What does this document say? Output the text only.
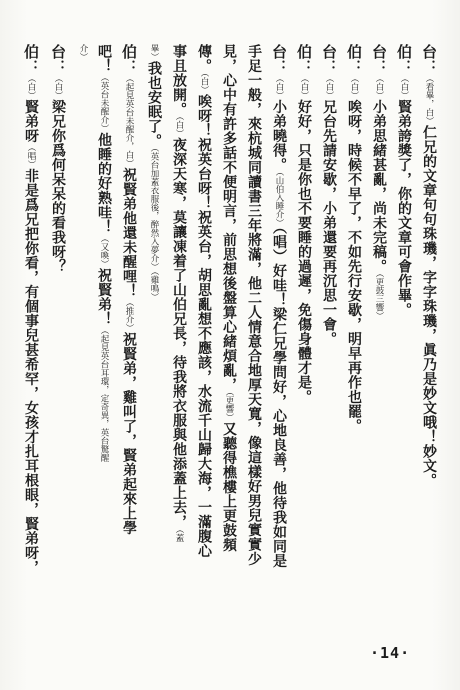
台：（看畢，白）仁兄的文章句句珠璣，字字珠璣，眞乃是妙文哦！妙文。
伯：（白）賢弟誇獎了，你的文章可會作畢。
台：（白）小弟思緒甚亂，尚未完稿。（更鼓三響）
伯：（白）唉呀，時候不早了，不如先行安歇，明早再作也罷。
台：（白）兄台先請安歇，小弟還要再沉思一會。
伯：（白）好好，只是你也不要睡的過遲，免傷身體才是。
台：（白）小弟曉得。（山伯入睡介）（唱）好哇！梁仁兄學問好，心地良善，他待我如同是
手足一般，來杭城同讀書三年將滿，他二人情意合地厚天寬，像這樣好男兒實實少
見，心中有許多話不便明言，前思想後盤算心緒煩亂，（更響）又聽得樵樓上更鼓頻
傳。（白）唉呀！祝英台呀！祝英台，胡思亂想不應該，水流千山歸大海，一滿腹心
事且放開。（白）夜深天寒，莫讓凍着了山伯兄長，待我將衣服與他添蓋上去，（蓋
畢）我也安眠了。（英台加蓋衣服後，醉然入夢介）（雞鳴）
伯：（起見英台未醒介，白）祝賢弟他還未醒哩！（推介）祝賢弟，雞叫了，賢弟起來上學
吧！（英台未醒介）他睡的好熟哇！（又喚）祝賢弟！（起見英台耳環，定奇異，英台驚醒
介）
台：（白）梁兄你爲何呆呆的看我呀？
伯：（白）賢弟呀（唱）非是爲兄把你看，有個事兒甚希罕，女孩才扎耳根眼，賢弟呀，
·14·
